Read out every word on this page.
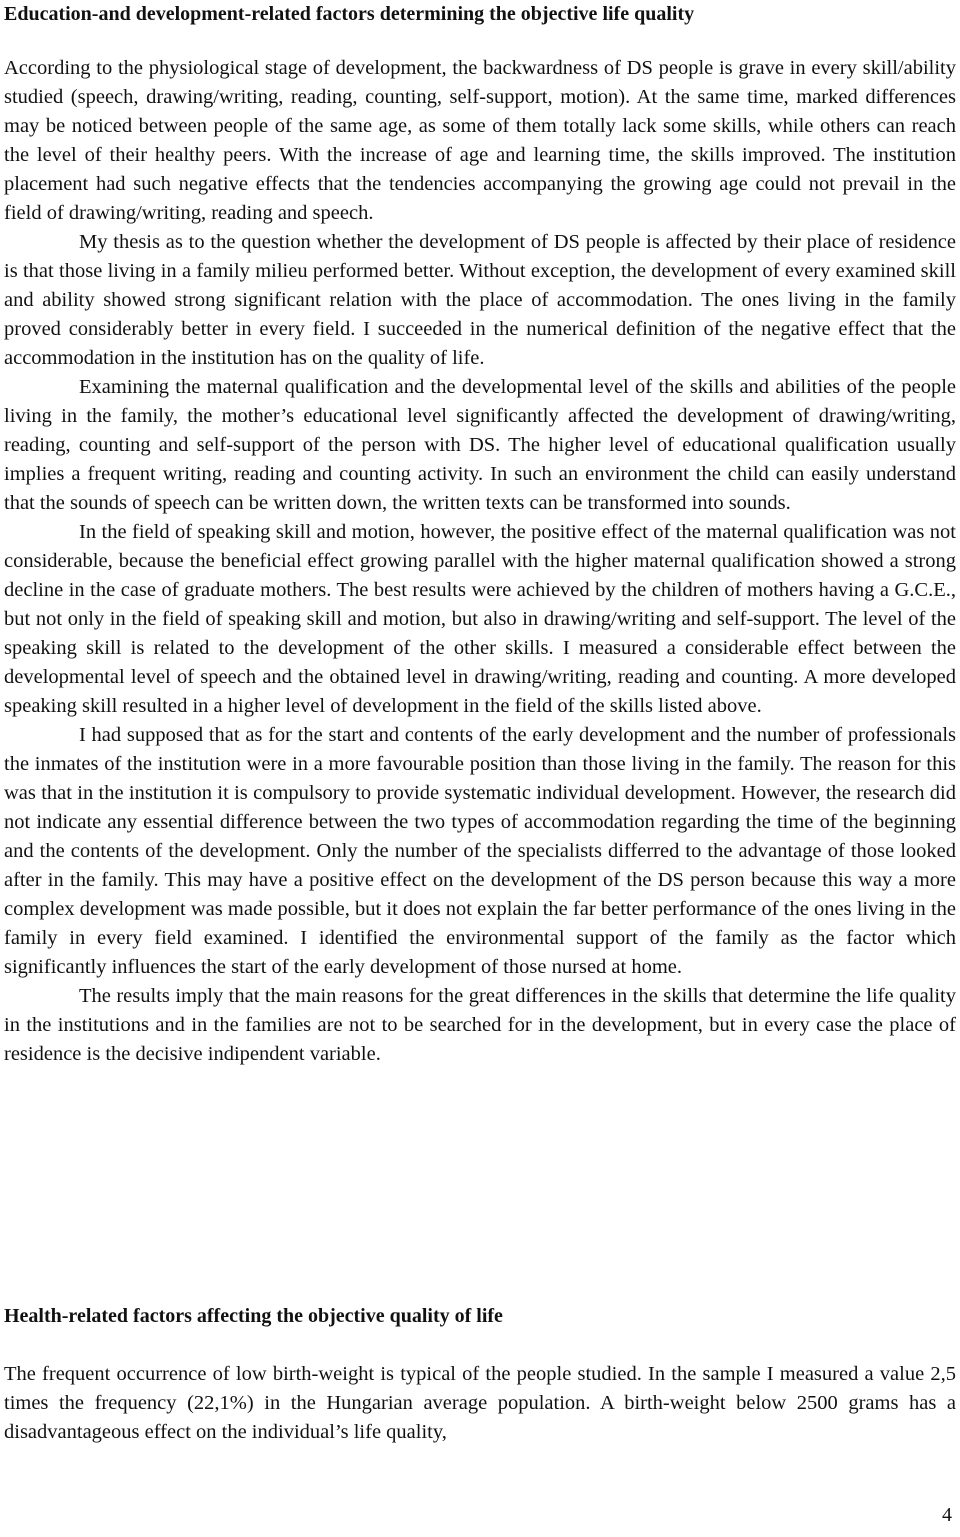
Education-and development-related factors determining the objective life quality

According to the physiological stage of development, the backwardness of DS people is grave in every skill/ability studied (speech, drawing/writing, reading, counting, self-support, motion). At the same time, marked differences may be noticed between people of the same age, as some of them totally lack some skills, while others can reach the level of their healthy peers. With the increase of age and learning time, the skills improved. The institution placement had such negative effects that the tendencies accompanying the growing age could not prevail in the field of drawing/writing, reading and speech.

My thesis as to the question whether the development of DS people is affected by their place of residence is that those living in a family milieu performed better. Without exception, the development of every examined skill and ability showed strong significant relation with the place of accommodation. The ones living in the family proved considerably better in every field. I succeeded in the numerical definition of the negative effect that the accommodation in the institution has on the quality of life.

Examining the maternal qualification and the developmental level of the skills and abilities of the people living in the family, the mother’s educational level significantly affected the development of drawing/writing, reading, counting and self-support of the person with DS. The higher level of educational qualification usually implies a frequent writing, reading and counting activity. In such an environment the child can easily understand that the sounds of speech can be written down, the written texts can be transformed into sounds.

In the field of speaking skill and motion, however, the positive effect of the maternal qualification was not considerable, because the beneficial effect growing parallel with the higher maternal qualification showed a strong decline in the case of graduate mothers. The best results were achieved by the children of mothers having a G.C.E., but not only in the field of speaking skill and motion, but also in drawing/writing and self-support. The level of the speaking skill is related to the development of the other skills. I measured a considerable effect between the developmental level of speech and the obtained level in drawing/writing, reading and counting. A more developed speaking skill resulted in a higher level of development in the field of the skills listed above.

I had supposed that as for the start and contents of the early development and the number of professionals the inmates of the institution were in a more favourable position than those living in the family. The reason for this was that in the institution it is compulsory to provide systematic individual development. However, the research did not indicate any essential difference between the two types of accommodation regarding the time of the beginning and the contents of the development. Only the number of the specialists differred to the advantage of those looked after in the family. This may have a positive effect on the development of the DS person because this way a more complex development was made possible, but it does not explain the far better performance of the ones living in the family in every field examined. I identified the environmental support of the family as the factor which significantly influences the start of the early development of those nursed at home.

The results imply that the main reasons for the great differences in the skills that determine the life quality in the institutions and in the families are not to be searched for in the development, but in every case the place of residence is the decisive indipendent variable.

Health-related factors affecting the objective quality of life

The frequent occurrence of low birth-weight is typical of the people studied. In the sample I measured a value 2,5 times the frequency (22,1%) in the Hungarian average population. A birth-weight below 2500 grams has a disadvantageous effect on the individual’s life quality,

4
